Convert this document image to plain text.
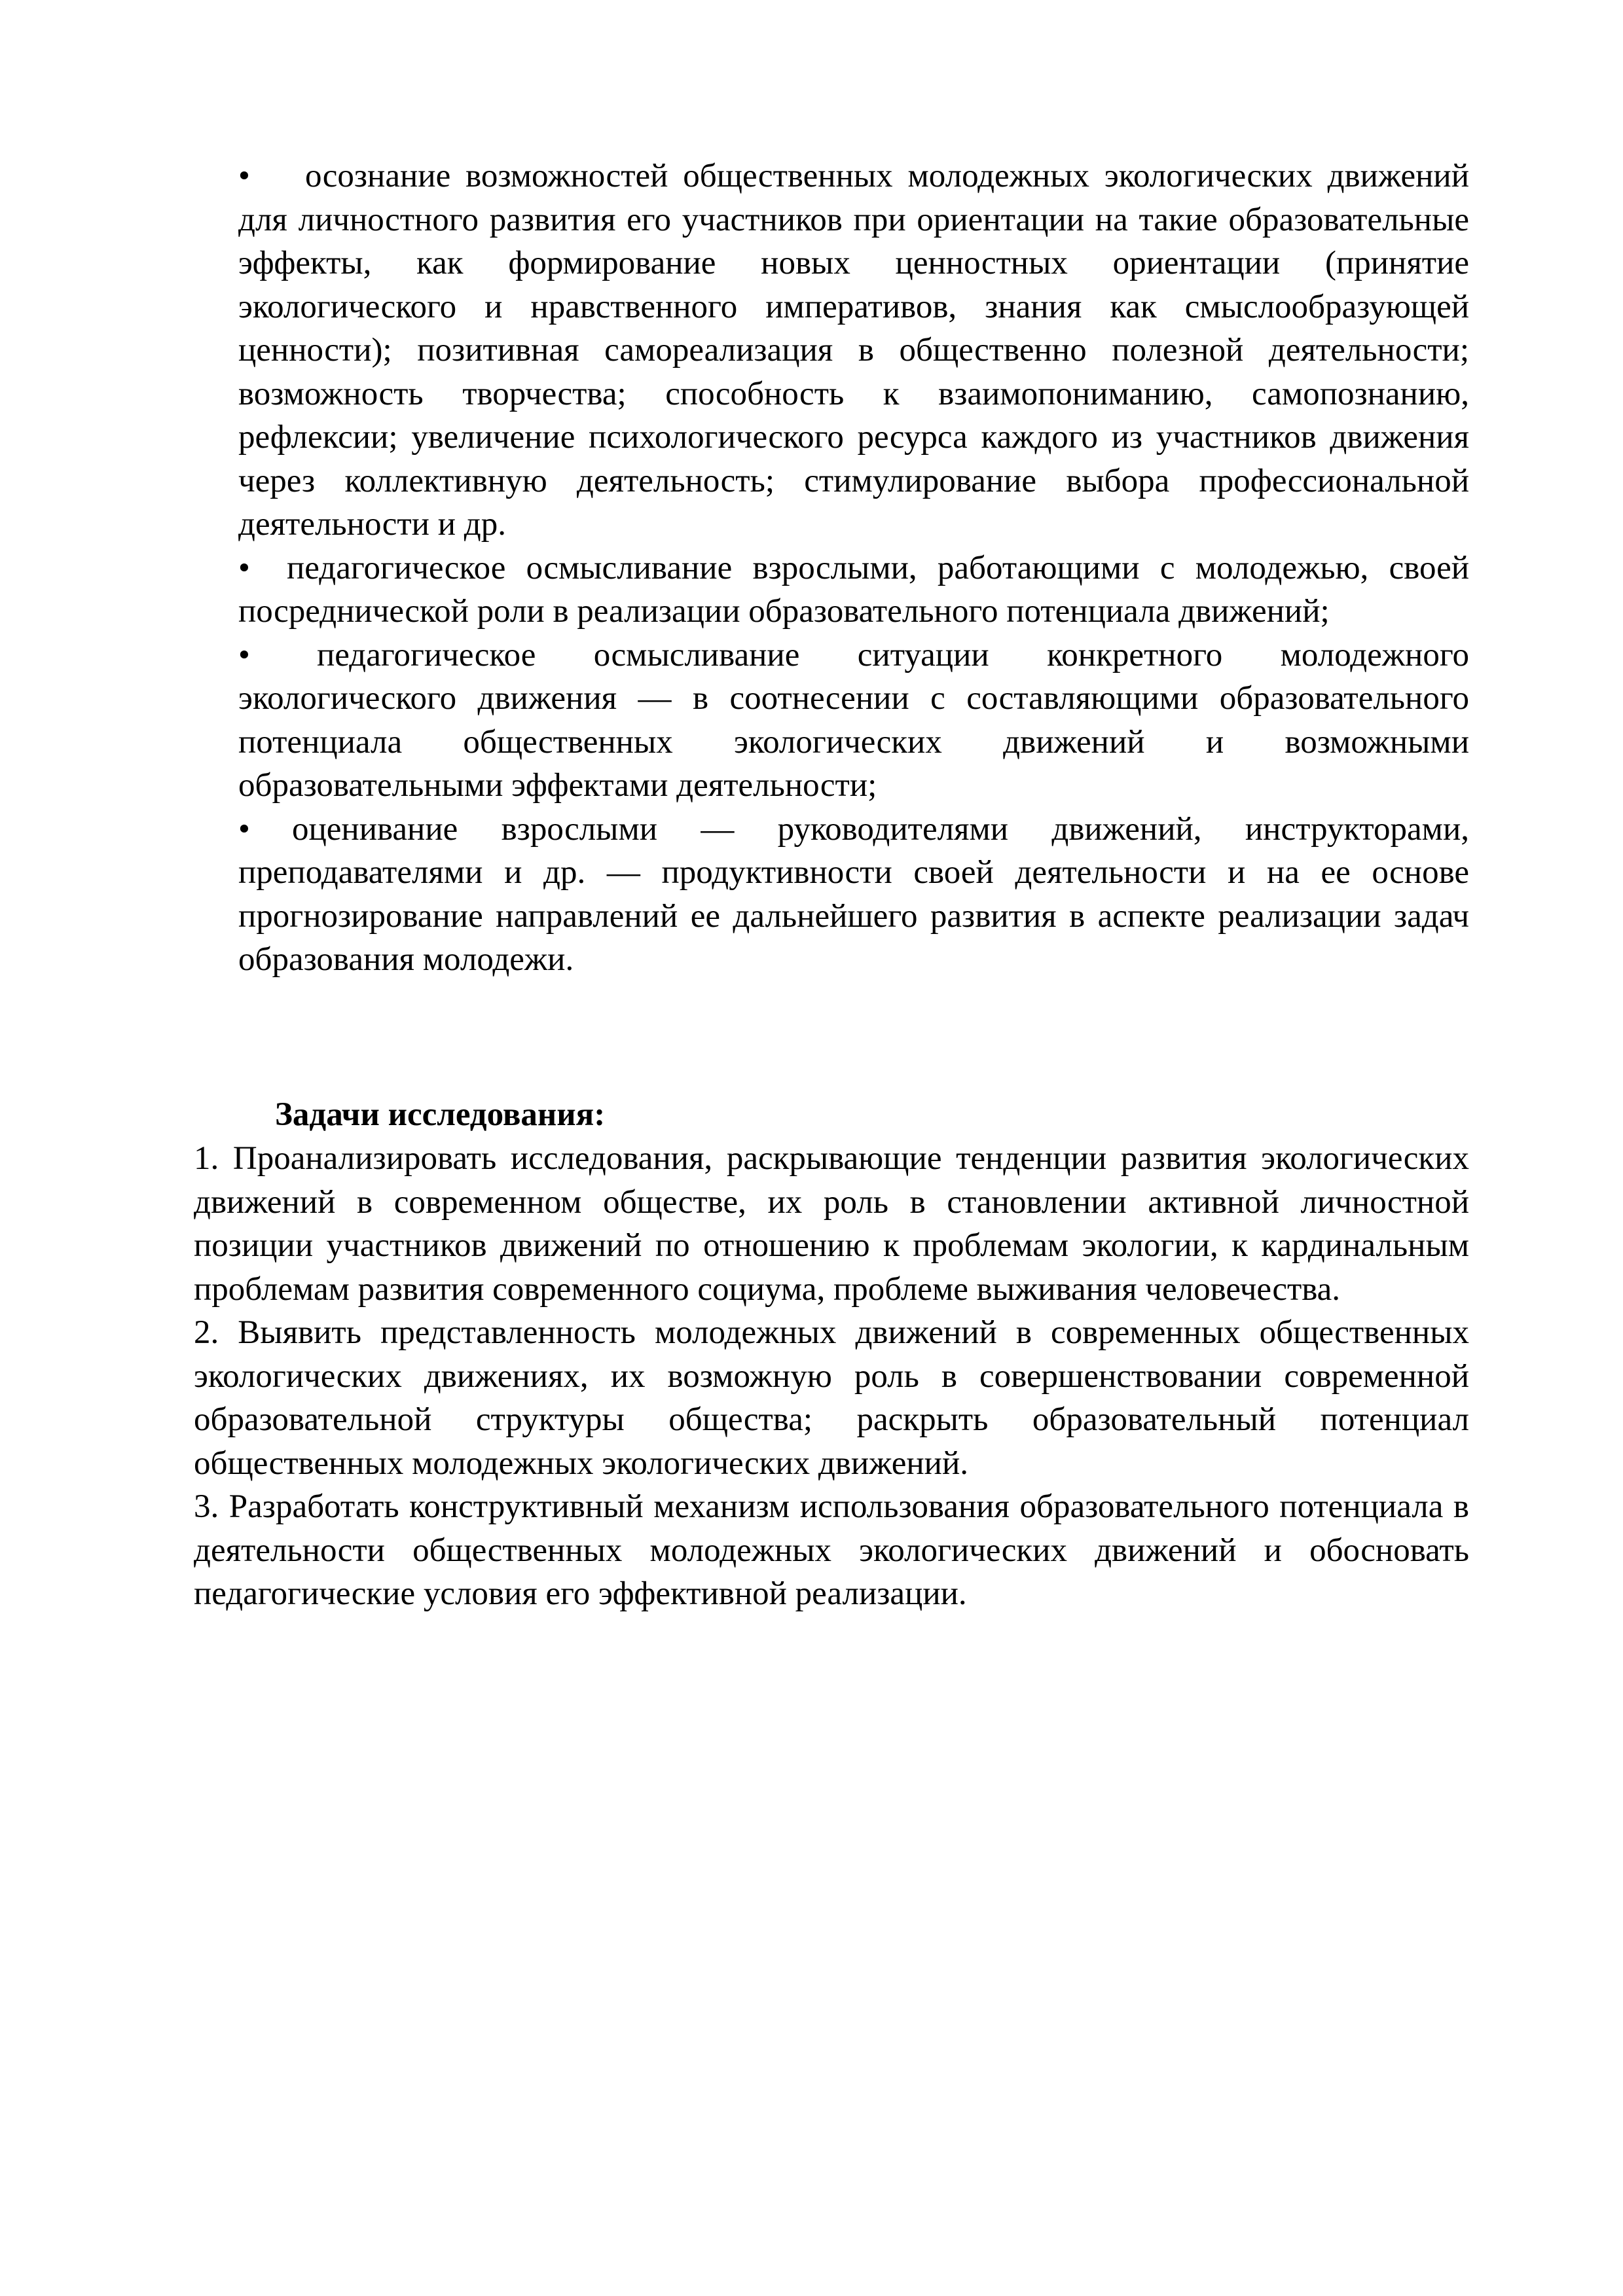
• осознание возможностей общественных молодежных экологических движений для личностного развития его участников при ориентации на такие образовательные эффекты, как формирование новых ценностных ориентации (принятие экологического и нравственного императивов, знания как смыслообразующей ценности); позитивная самореализация в общественно полезной деятельности; возможность творчества; способность к взаимопониманию, самопознанию, рефлексии; увеличение психологического ресурса каждого из участников движения через коллективную деятельность; стимулирование выбора профессиональной деятельности и др.

• педагогическое осмысливание взрослыми, работающими с молодежью, своей посреднической роли в реализации образовательного потенциала движений;

• педагогическое осмысливание ситуации конкретного молодежного экологического движения — в соотнесении с составляющими образовательного потенциала общественных экологических движений и возможными образовательными эффектами деятельности;

• оценивание взрослыми — руководителями движений, инструкторами, преподавателями и др. — продуктивности своей деятельности и на ее основе прогнозирование направлений ее дальнейшего развития в аспекте реализации задач образования молодежи.

Задачи исследования:

1. Проанализировать исследования, раскрывающие тенденции развития экологических движений в современном обществе, их роль в становлении активной личностной позиции участников движений по отношению к проблемам экологии, к кардинальным проблемам развития современного социума, проблеме выживания человечества.

2. Выявить представленность молодежных движений в современных общественных экологических движениях, их возможную роль в совершенствовании современной образовательной структуры общества; раскрыть образовательный потенциал общественных молодежных экологических движений.

3. Разработать конструктивный механизм использования образовательного потенциала в деятельности общественных молодежных экологических движений и обосновать педагогические условия его эффективной реализации.
